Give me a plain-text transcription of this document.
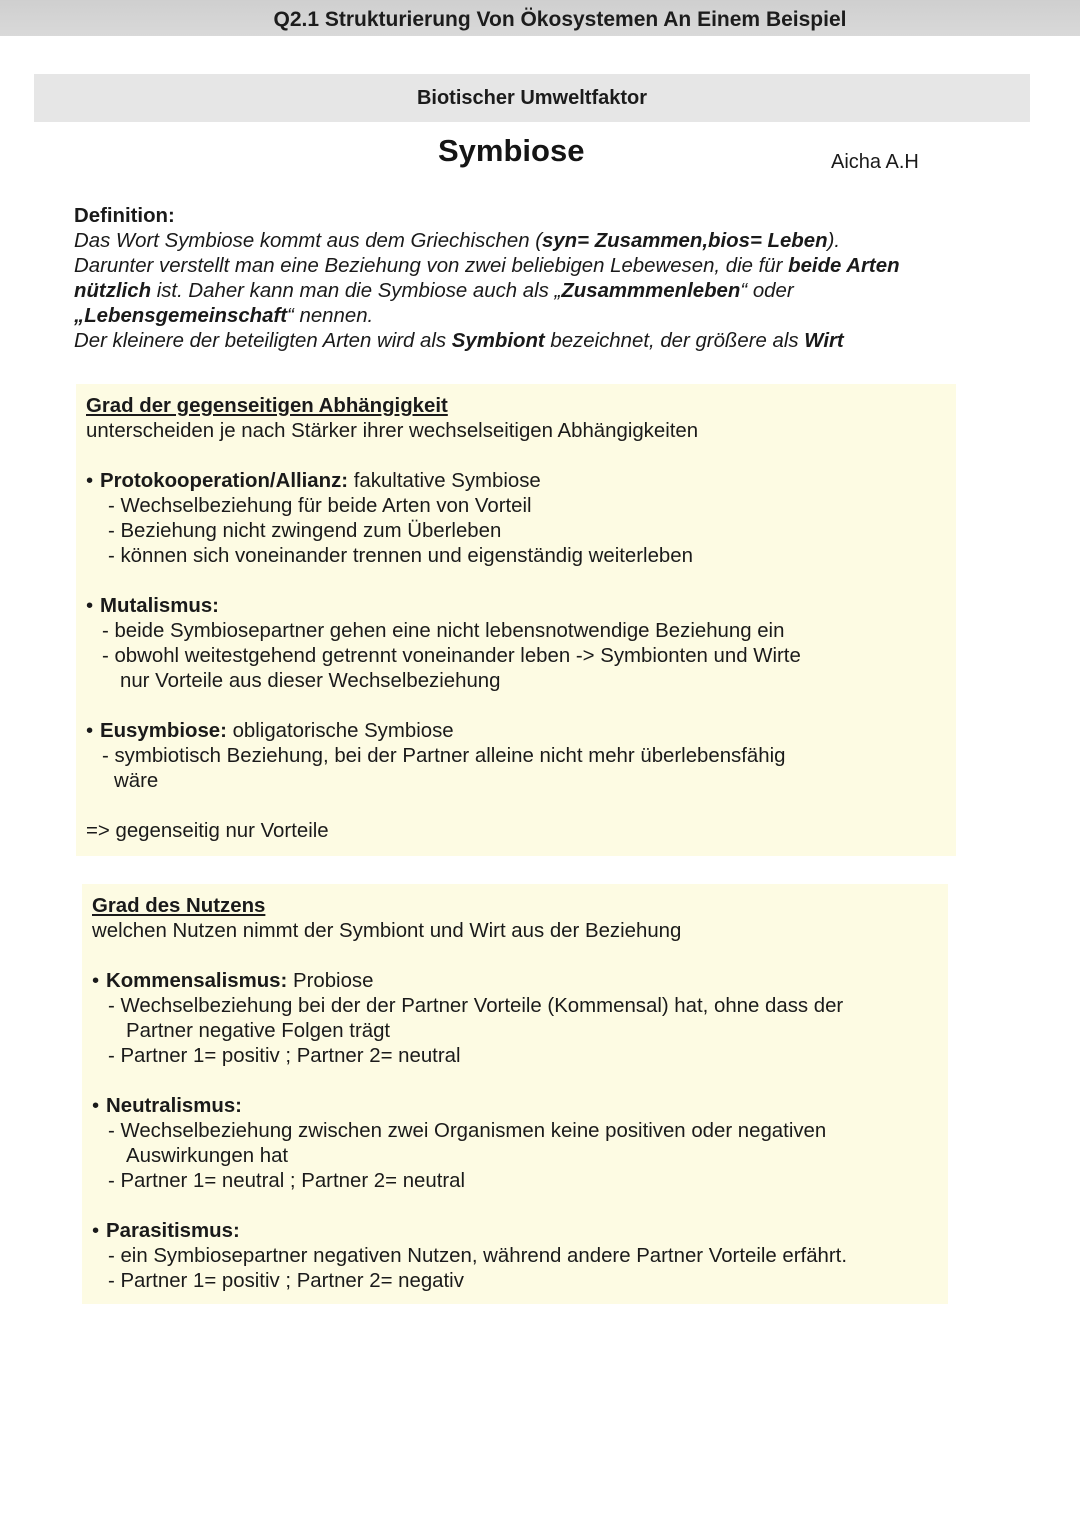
Q2.1 Strukturierung Von Ökosystemen An Einem Beispiel
Biotischer Umweltfaktor
Symbiose	Aicha A.H

Definition:

Das Wort Symbiose kommt aus dem Griechischen (syn= Zusammen,bios= Leben).

Darunter verstellt man eine Beziehung von zwei beliebigen Lebewesen, die für beide Arten

nützlich ist. Daher kann man die Symbiose auch als „Zusammmenleben“ oder

„Lebensgemeinschaft“ nennen.

Der kleinere der beteiligten Arten wird als Symbiont bezeichnet, der größere als Wirt

Grad der gegenseitigen Abhängigkeit
unterscheiden je nach Stärker ihrer wechselseitigen Abhängigkeiten
• Protokooperation/Allianz: fakultative Symbiose
- Wechselbeziehung für beide Arten von Vorteil
- Beziehung nicht zwingend zum Überleben
- können sich voneinander trennen und eigenständig weiterleben
• Mutalismus:
- beide Symbiosepartner gehen eine nicht lebensnotwendige Beziehung ein
- obwohl weitestgehend getrennt voneinander leben -> Symbionten und Wirte
nur Vorteile aus dieser Wechselbeziehung
• Eusymbiose: obligatorische Symbiose
- symbiotisch Beziehung, bei der Partner alleine nicht mehr überlebensfähig
wäre
=> gegenseitig nur Vorteile
Grad des Nutzens
welchen Nutzen nimmt der Symbiont und Wirt aus der Beziehung
• Kommensalismus: Probiose
- Wechselbeziehung bei der der Partner Vorteile (Kommensal) hat, ohne dass der
Partner negative Folgen trägt
- Partner 1= positiv ; Partner 2= neutral
• Neutralismus:
- Wechselbeziehung zwischen zwei Organismen keine positiven oder negativen
Auswirkungen hat
- Partner 1= neutral ; Partner 2= neutral
• Parasitismus:
- ein Symbiosepartner negativen Nutzen, während andere Partner Vorteile erfährt.
- Partner 1= positiv ; Partner 2= negativ
